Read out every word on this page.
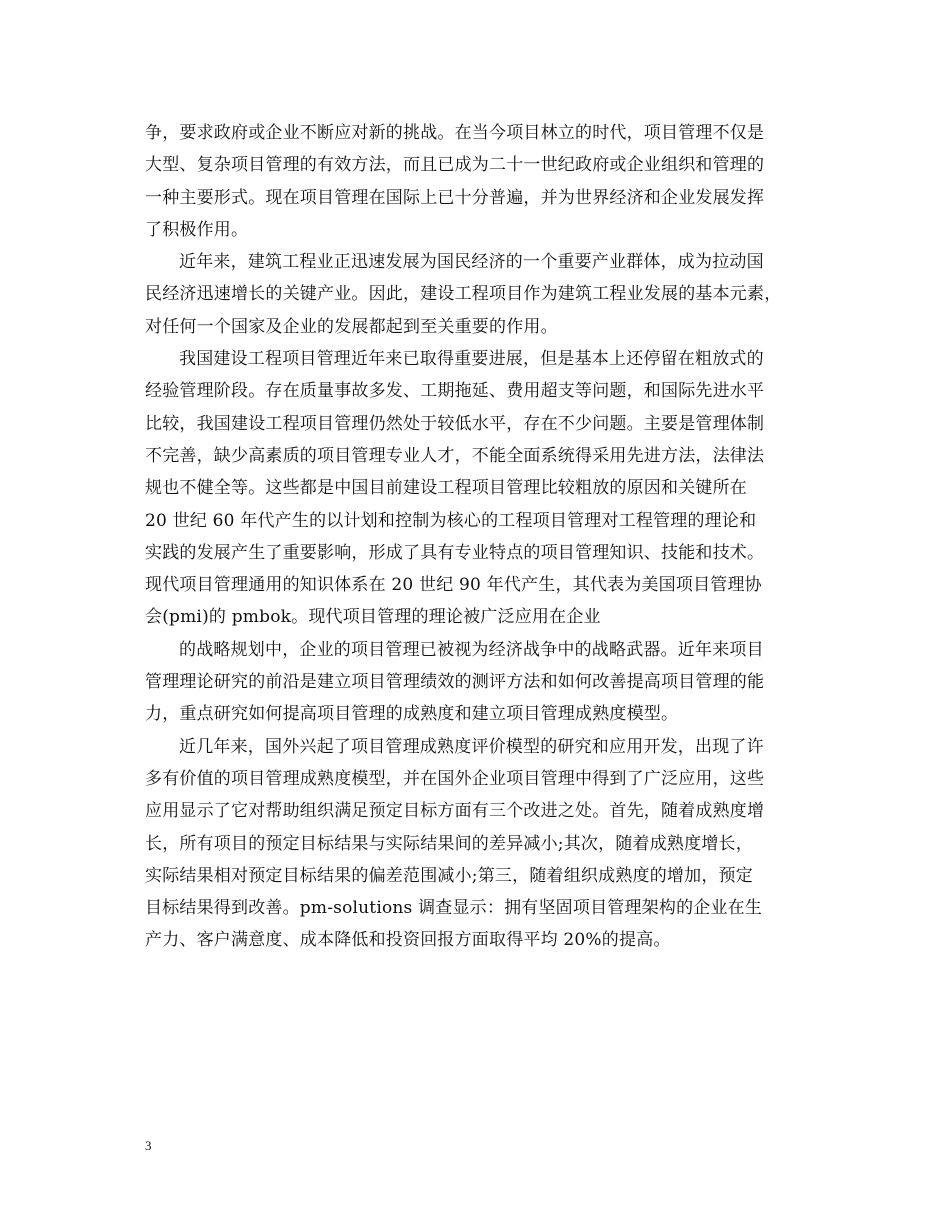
争，要求政府或企业不断应对新的挑战。在当今项目林立的时代，项目管理不仅是
大型、复杂项目管理的有效方法，而且已成为二十一世纪政府或企业组织和管理的
一种主要形式。现在项目管理在国际上已十分普遍，并为世界经济和企业发展发挥
了积极作用。
近年来，建筑工程业正迅速发展为国民经济的一个重要产业群体，成为拉动国
民经济迅速增长的关键产业。因此，建设工程项目作为建筑工程业发展的基本元素，
对任何一个国家及企业的发展都起到至关重要的作用。
我国建设工程项目管理近年来已取得重要进展，但是基本上还停留在粗放式的
经验管理阶段。存在质量事故多发、工期拖延、费用超支等问题，和国际先进水平
比较，我国建设工程项目管理仍然处于较低水平，存在不少问题。主要是管理体制
不完善，缺少高素质的项目管理专业人才，不能全面系统得采用先进方法，法律法
规也不健全等。这些都是中国目前建设工程项目管理比较粗放的原因和关键所在
20 世纪 60 年代产生的以计划和控制为核心的工程项目管理对工程管理的理论和
实践的发展产生了重要影响，形成了具有专业特点的项目管理知识、技能和技术。
现代项目管理通用的知识体系在 20 世纪 90 年代产生，其代表为美国项目管理协
会(pmi)的 pmbok。现代项目管理的理论被广泛应用在企业
的战略规划中，企业的项目管理已被视为经济战争中的战略武器。近年来项目
管理理论研究的前沿是建立项目管理绩效的测评方法和如何改善提高项目管理的能
力，重点研究如何提高项目管理的成熟度和建立项目管理成熟度模型。
近几年来，国外兴起了项目管理成熟度评价模型的研究和应用开发，出现了许
多有价值的项目管理成熟度模型，并在国外企业项目管理中得到了广泛应用，这些
应用显示了它对帮助组织满足预定目标方面有三个改进之处。首先，随着成熟度增
长，所有项目的预定目标结果与实际结果间的差异减小;其次，随着成熟度增长，
实际结果相对预定目标结果的偏差范围减小;第三，随着组织成熟度的增加，预定
目标结果得到改善。pm-solutions 调查显示：拥有坚固项目管理架构的企业在生
产力、客户满意度、成本降低和投资回报方面取得平均 20%的提高。
3
